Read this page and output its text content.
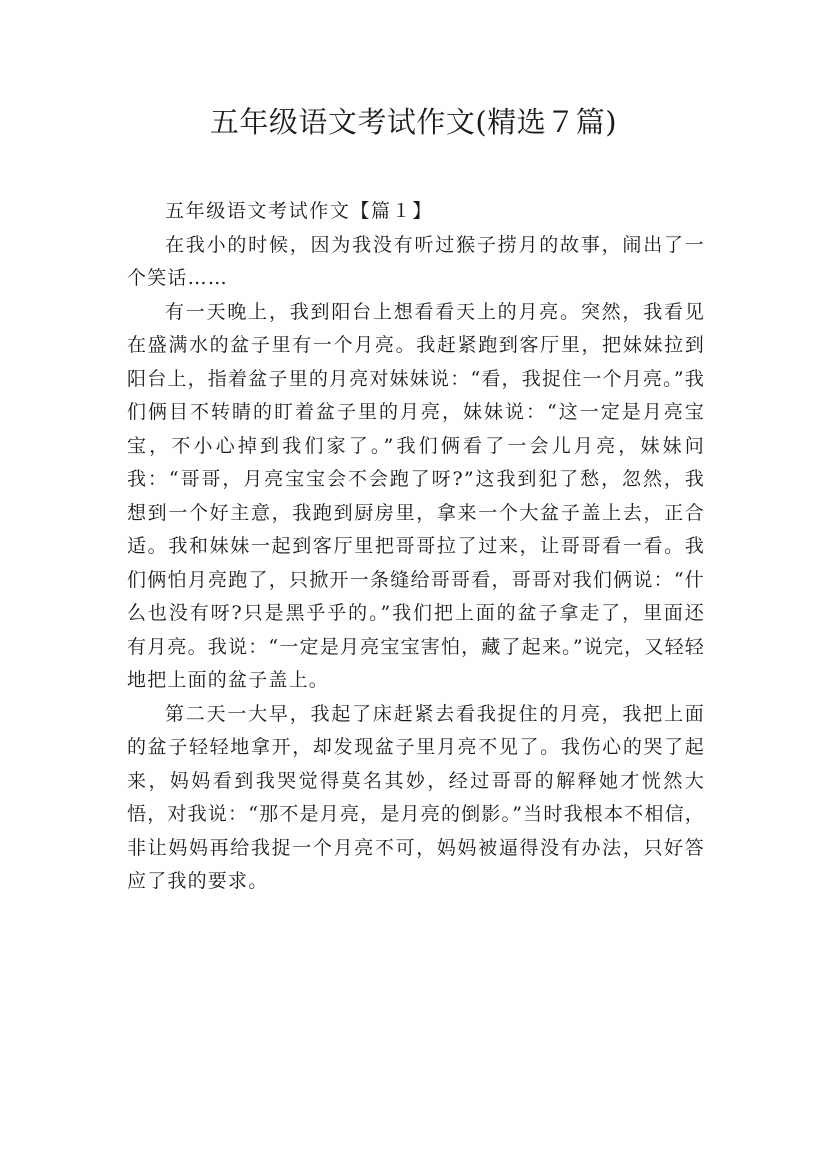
五年级语文考试作文(精选７篇)

五年级语文考试作文【篇１】

在我小的时候，因为我没有听过猴子捞月的故事，闹出了一个笑话……

有一天晚上，我到阳台上想看看天上的月亮。突然，我看见在盛满水的盆子里有一个月亮。我赶紧跑到客厅里，把妹妹拉到阳台上，指着盆子里的月亮对妹妹说：“看，我捉住一个月亮。”我们俩目不转睛的盯着盆子里的月亮，妹妹说：“这一定是月亮宝宝，不小心掉到我们家了。”我们俩看了一会儿月亮，妹妹问我：“哥哥，月亮宝宝会不会跑了呀?”这我到犯了愁，忽然，我想到一个好主意，我跑到厨房里，拿来一个大盆子盖上去，正合适。我和妹妹一起到客厅里把哥哥拉了过来，让哥哥看一看。我们俩怕月亮跑了，只掀开一条缝给哥哥看，哥哥对我们俩说：“什么也没有呀?只是黑乎乎的。”我们把上面的盆子拿走了，里面还有月亮。我说：“一定是月亮宝宝害怕，藏了起来。”说完，又轻轻地把上面的盆子盖上。

第二天一大早，我起了床赶紧去看我捉住的月亮，我把上面的盆子轻轻地拿开，却发现盆子里月亮不见了。我伤心的哭了起来，妈妈看到我哭觉得莫名其妙，经过哥哥的解释她才恍然大悟，对我说：“那不是月亮，是月亮的倒影。”当时我根本不相信，非让妈妈再给我捉一个月亮不可，妈妈被逼得没有办法，只好答应了我的要求。
